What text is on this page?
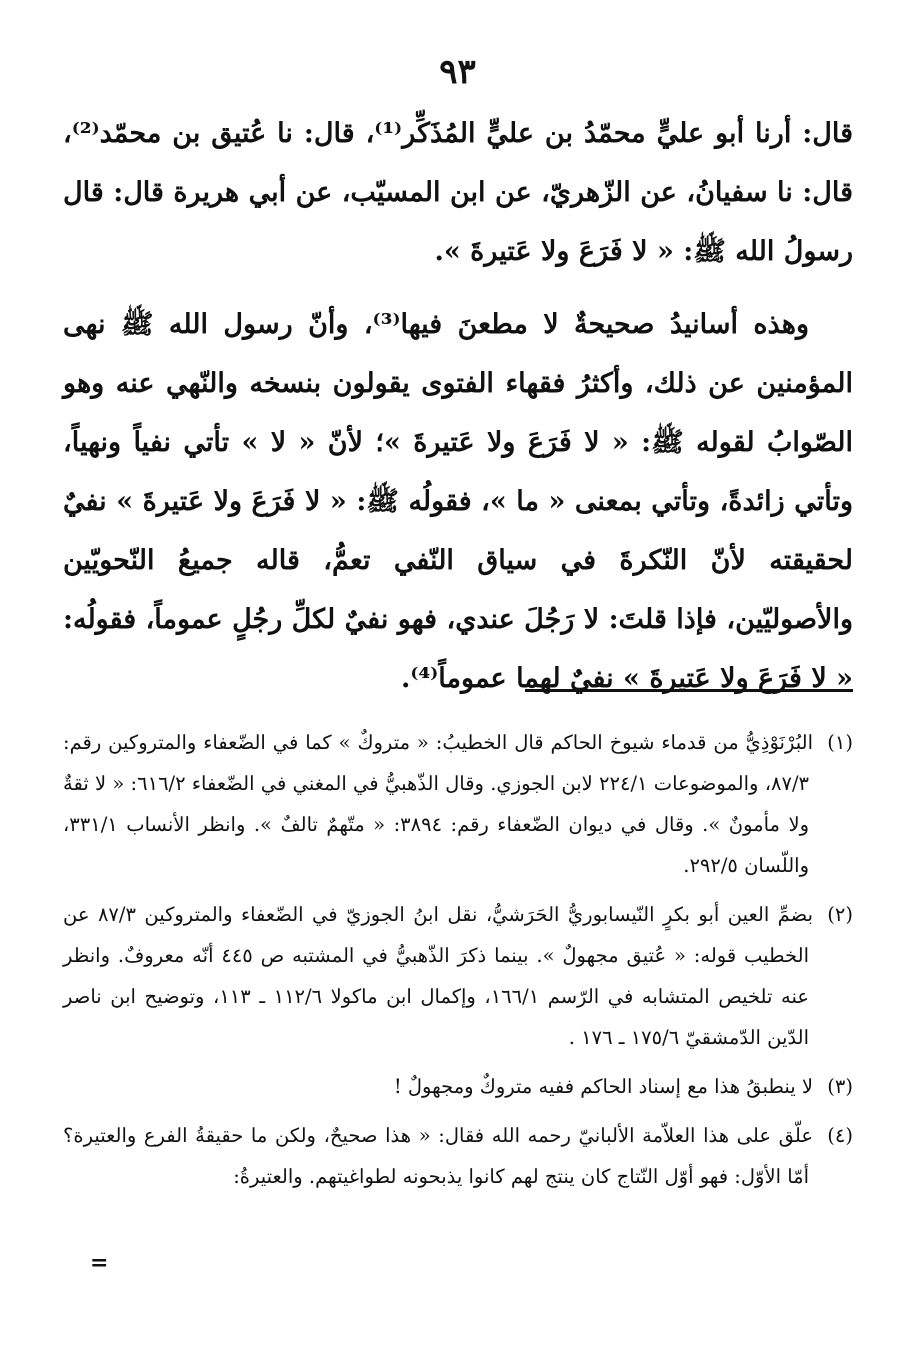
٩٣

قال: أرنا أبو عليٍّ محمّدُ بن عليٍّ المُذَكِّر⁽¹⁾، قال: نا عُتيق بن محمّد⁽²⁾، قال: نا سفيانُ، عن الزّهريّ، عن ابن المسيّب، عن أبي هريرة قال: قال رسولُ الله ﷺ: « لا فَرَعَ ولا عَتيرةَ ».

وهذه أسانيدُ صحيحةٌ لا مطعنَ فيها⁽³⁾، وأنّ رسول الله ﷺ نهى المؤمنين عن ذلك، وأكثرُ فقهاء الفتوى يقولون بنسخه والنّهي عنه وهو الصّوابُ لقوله ﷺ: « لا فَرَعَ ولا عَتيرةَ »؛ لأنّ « لا » تأتي نفياً ونهياً، وتأتي زائدةً، وتأتي بمعنى « ما »، فقولُه ﷺ: « لا فَرَعَ ولا عَتيرةَ » نفيٌ لحقيقته لأنّ النّكرةَ في سياق النّفي تعمُّ، قاله جميعُ النّحويّين والأصوليّين، فإذا قلتَ: لا رَجُلَ عندي، فهو نفيٌ لكلِّ رجُلٍ عموماً، فقولُه: « لا فَرَعَ ولا عَتيرةَ » نفيٌ لهما عموماً⁽⁴⁾.

(١)البُرْنَوْذِيُّ من قدماء شيوخ الحاكم قال الخطيبُ: « متروكٌ » كما في الضّعفاء والمتروكين رقم: ٨٧/٣، والموضوعات ٢٢٤/١ لابن الجوزي. وقال الذّهبيُّ في المغني في الضّعفاء ٦١٦/٢: « لا ثقةٌ ولا مأمونٌ ». وقال في ديوان الضّعفاء رقم: ٣٨٩٤: « متّهمٌ تالفٌ ». وانظر الأنساب ٣٣١/١، واللّسان ٢٩٢/٥.

(٢)بضمِّ العين أبو بكرٍ النّيسابوريُّ الحَرَشيُّ، نقل ابنُ الجوزيّ في الضّعفاء والمتروكين ٨٧/٣ عن الخطيب قوله: « عُتيق مجهولٌ ». بينما ذكرَ الذّهبيُّ في المشتبه ص ٤٤٥ أنّه معروفٌ. وانظر عنه تلخيص المتشابه في الرّسم ١٦٦/١، وإكمال ابن ماكولا ١١٢/٦ ـ ١١٣، وتوضيح ابن ناصر الدّين الدّمشقيّ ١٧٥/٦ ـ ١٧٦ .

(٣)لا ينطبقُ هذا مع إسناد الحاكم ففيه متروكٌ ومجهولٌ !

(٤)علّق على هذا العلاّمة الألبانيّ رحمه الله فقال: « هذا صحيحٌ، ولكن ما حقيقةُ الفرع والعتيرة؟ أمّا الأوّل: فهو أوّل النّتاج كان ينتج لهم كانوا يذبحونه لطواغيتهم. والعتيرةُ:

=
